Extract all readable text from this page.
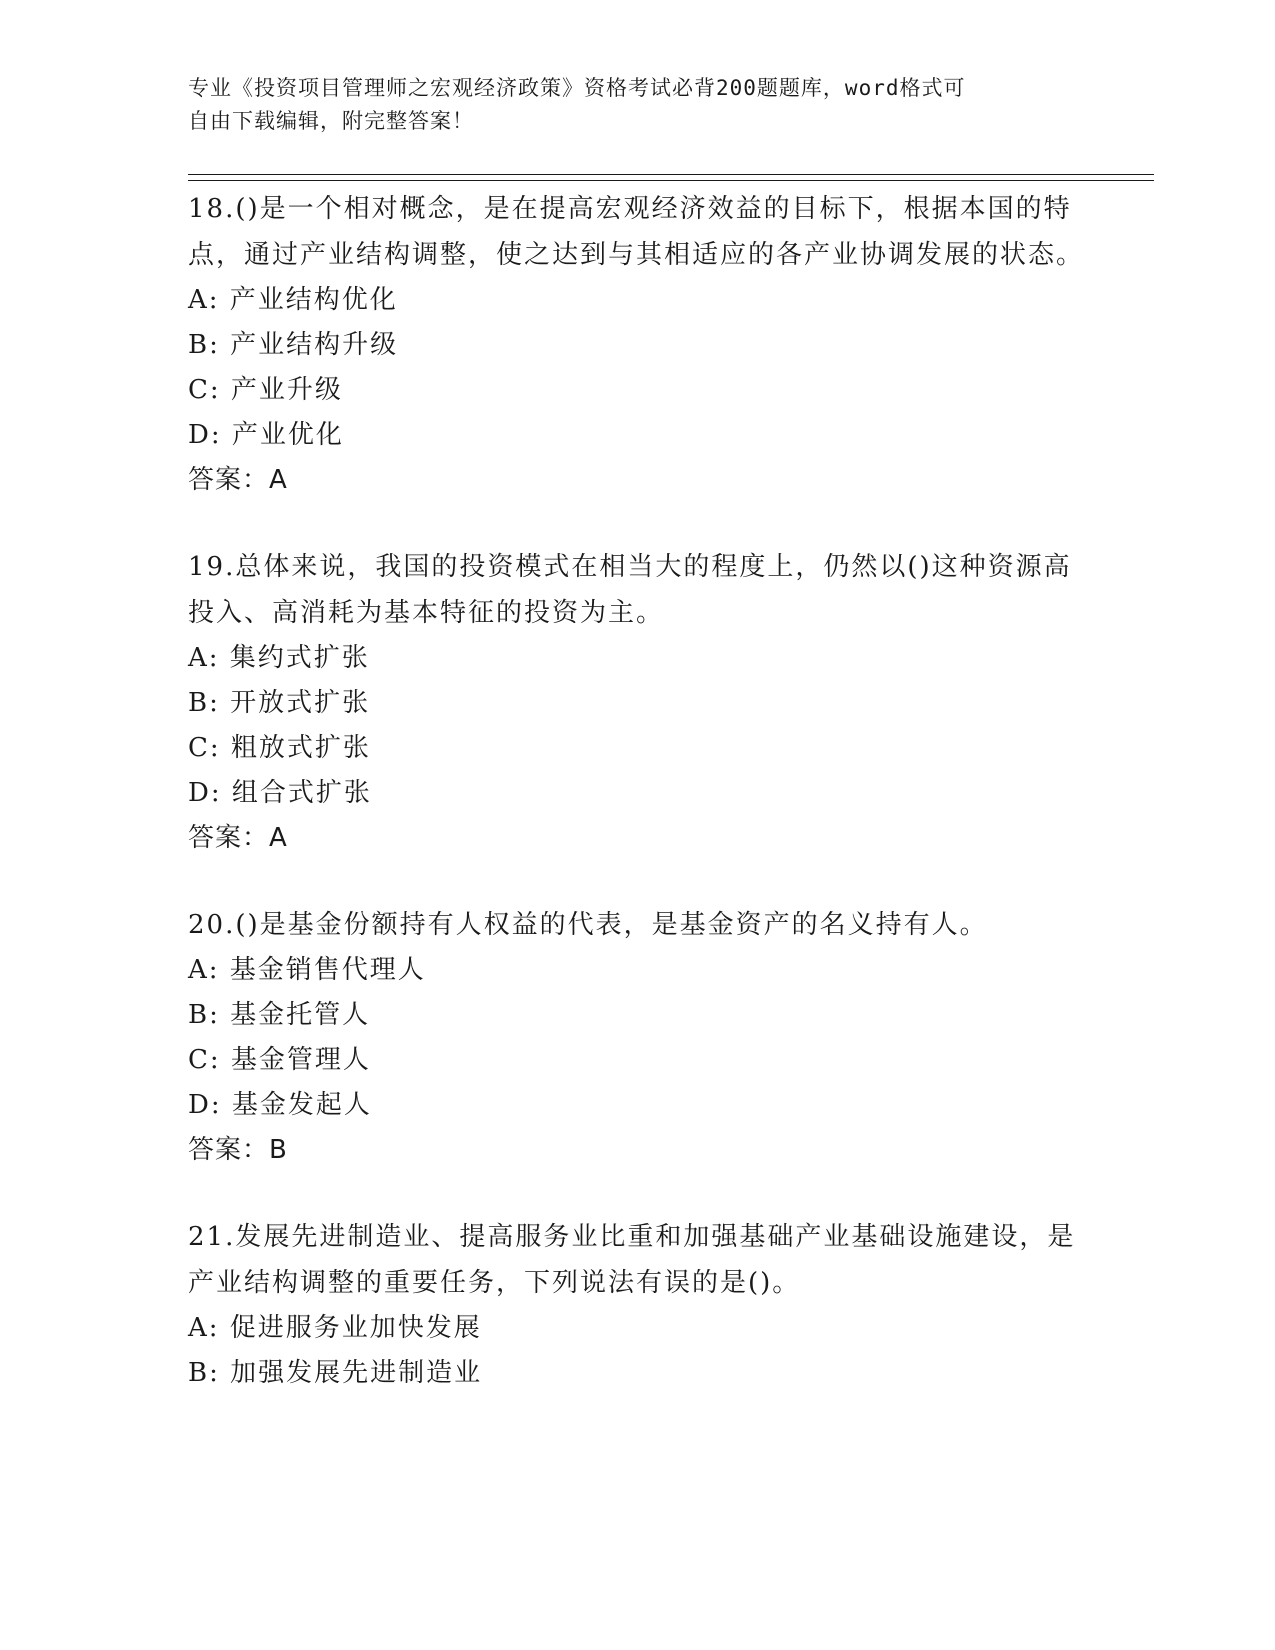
专业《投资项目管理师之宏观经济政策》资格考试必背200题题库，word格式可
自由下载编辑，附完整答案！
18.()是一个相对概念，是在提高宏观经济效益的目标下，根据本国的特点，通过产业结构调整，使之达到与其相适应的各产业协调发展的状态。
A: 产业结构优化
B: 产业结构升级
C: 产业升级
D: 产业优化
答案：A
19.总体来说，我国的投资模式在相当大的程度上，仍然以()这种资源高投入、高消耗为基本特征的投资为主。
A: 集约式扩张
B: 开放式扩张
C: 粗放式扩张
D: 组合式扩张
答案：A
20.()是基金份额持有人权益的代表，是基金资产的名义持有人。
A: 基金销售代理人
B: 基金托管人
C: 基金管理人
D: 基金发起人
答案：B
21.发展先进制造业、提高服务业比重和加强基础产业基础设施建设，是产业结构调整的重要任务，下列说法有误的是()。
A: 促进服务业加快发展
B: 加强发展先进制造业
